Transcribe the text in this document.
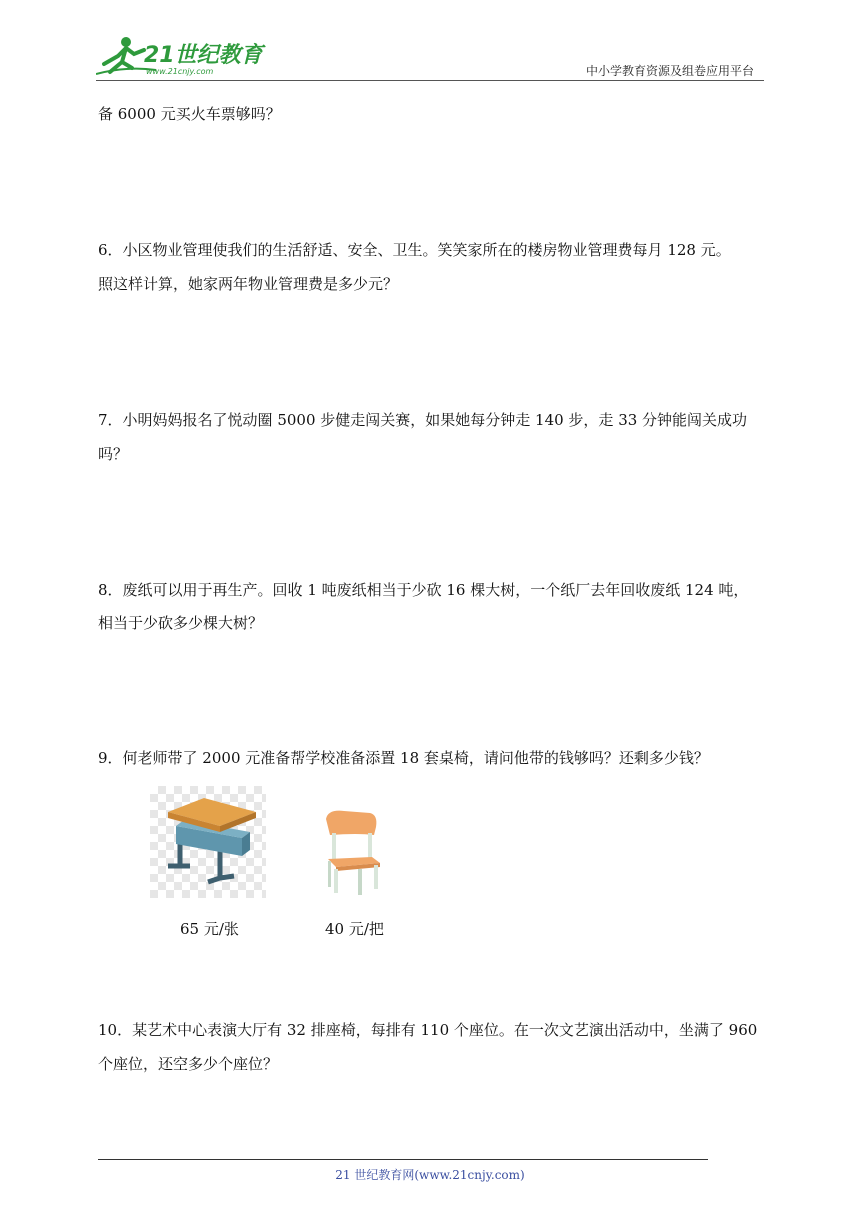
21世纪教育
www.21cnjy.com	中小学教育资源及组卷应用平台
备 6000 元买火车票够吗？
6．小区物业管理使我们的生活舒适、安全、卫生。笑笑家所在的楼房物业管理费每月 128 元。
照这样计算，她家两年物业管理费是多少元？
7．小明妈妈报名了悦动圈 5000 步健走闯关赛，如果她每分钟走 140 步，走 33 分钟能闯关成功
吗？
8．废纸可以用于再生产。回收 1 吨废纸相当于少砍 16 棵大树，一个纸厂去年回收废纸 124 吨，
相当于少砍多少棵大树？
9．何老师带了 2000 元准备帮学校准备添置 18 套桌椅，请问他带的钱够吗？还剩多少钱？
65 元/张	40 元/把
10．某艺术中心表演大厅有 32 排座椅，每排有 110 个座位。在一次文艺演出活动中，坐满了 960
个座位，还空多少个座位？
21 世纪教育网(www.21cnjy.com)
